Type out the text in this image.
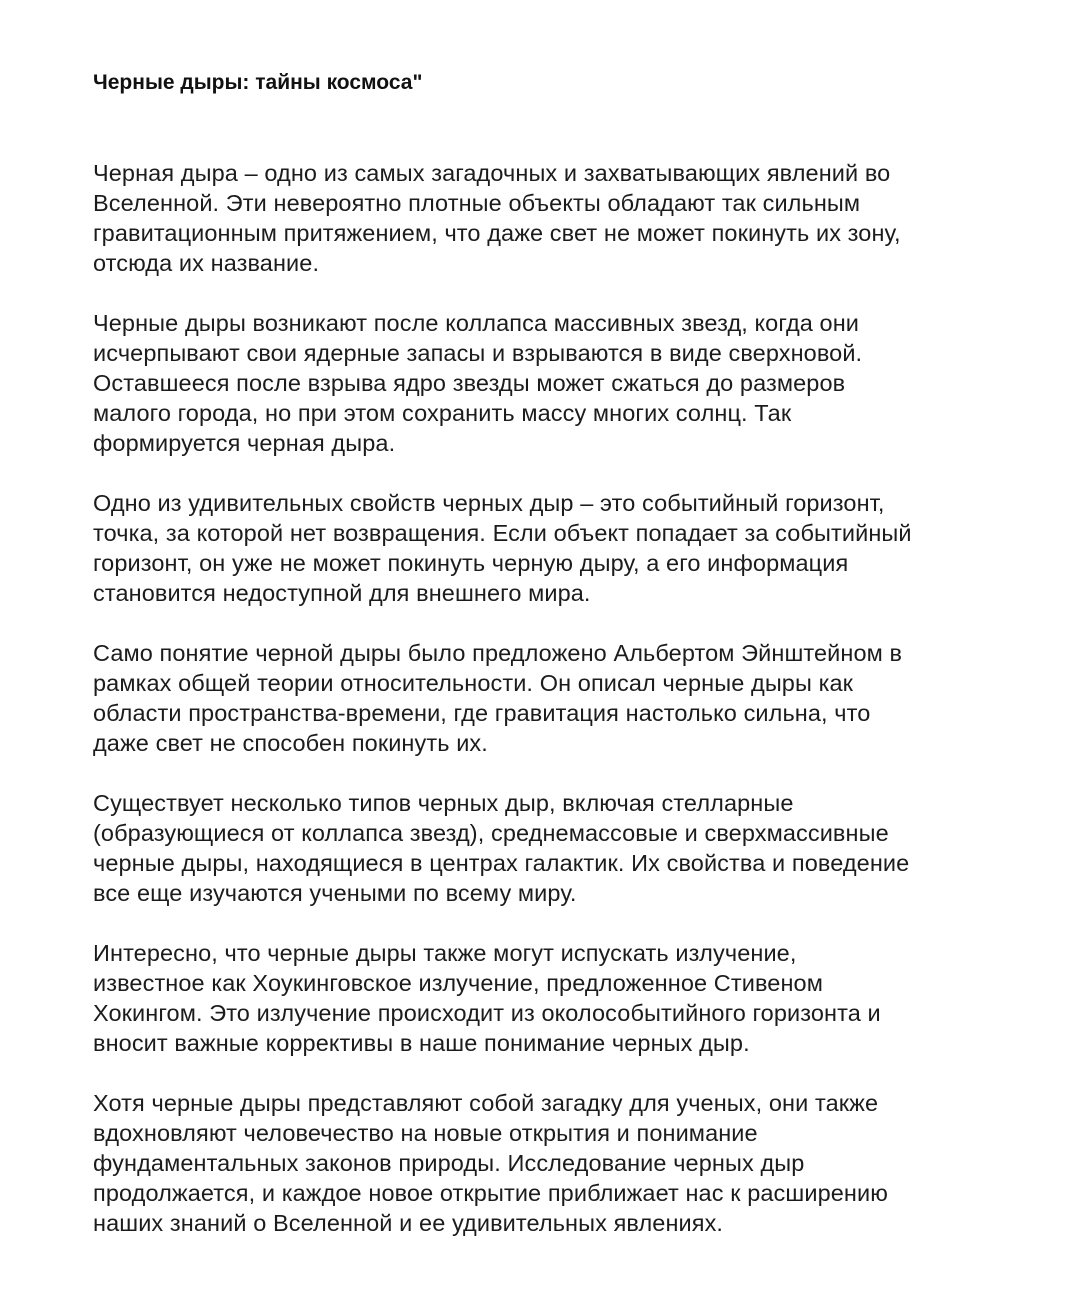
Черные дыры: тайны космоса"

Черная дыра – одно из самых загадочных и захватывающих явлений во
Вселенной. Эти невероятно плотные объекты обладают так сильным
гравитационным притяжением, что даже свет не может покинуть их зону,
отсюда их название.

Черные дыры возникают после коллапса массивных звезд, когда они
исчерпывают свои ядерные запасы и взрываются в виде сверхновой.
Оставшееся после взрыва ядро звезды может сжаться до размеров
малого города, но при этом сохранить массу многих солнц. Так
формируется черная дыра.

Одно из удивительных свойств черных дыр – это событийный горизонт,
точка, за которой нет возвращения. Если объект попадает за событийный
горизонт, он уже не может покинуть черную дыру, а его информация
становится недоступной для внешнего мира.

Само понятие черной дыры было предложено Альбертом Эйнштейном в
рамках общей теории относительности. Он описал черные дыры как
области пространства-времени, где гравитация настолько сильна, что
даже свет не способен покинуть их.

Существует несколько типов черных дыр, включая стелларные
(образующиеся от коллапса звезд), среднемассовые и сверхмассивные
черные дыры, находящиеся в центрах галактик. Их свойства и поведение
все еще изучаются учеными по всему миру.

Интересно, что черные дыры также могут испускать излучение,
известное как Хоукинговское излучение, предложенное Стивеном
Хокингом. Это излучение происходит из околособытийного горизонта и
вносит важные коррективы в наше понимание черных дыр.

Хотя черные дыры представляют собой загадку для ученых, они также
вдохновляют человечество на новые открытия и понимание
фундаментальных законов природы. Исследование черных дыр
продолжается, и каждое новое открытие приближает нас к расширению
наших знаний о Вселенной и ее удивительных явлениях.
